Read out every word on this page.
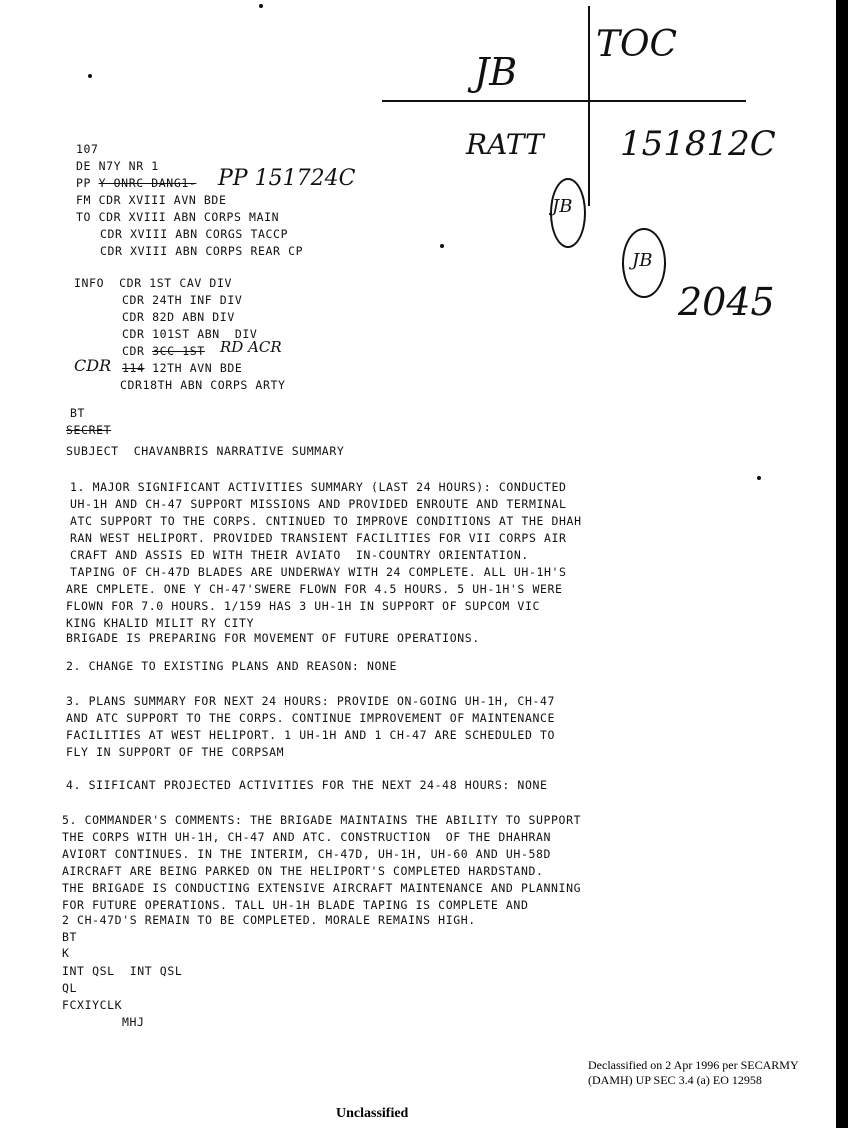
JB
TOC
RATT 151812C
JB
JB
2045
107
DE N7Y NR 1
PP Y ONRC DANG1- PP 151724C
FM CDR XVIII AVN BDE
TO CDR XVIII ABN CORPS MAIN
CDR XVIII ABN CORGS TACCP
CDR XVIII ABN CORPS REAR CP
INFO  CDR 1ST CAV DIV
CDR 24TH INF DIV
CDR 82D ABN DIV
CDR 101ST ABN  DIV
CDR 3CC 1ST RD ACR
CDR 114 12TH AVN BDE
CDR18TH ABN CORPS ARTY
BT
SECRET
SUBJECT  CHAVANBRIS NARRATIVE SUMMARY
1. MAJOR SIGNIFICANT ACTIVITIES SUMMARY (LAST 24 HOURS): CONDUCTED
UH-1H AND CH-47 SUPPORT MISSIONS AND PROVIDED ENROUTE AND TERMINAL
ATC SUPPORT TO THE CORPS. CNTINUED TO IMPROVE CONDITIONS AT THE DHAH
RAN WEST HELIPORT. PROVIDED TRANSIENT FACILITIES FOR VII CORPS AIR
CRAFT AND ASSIS ED WITH THEIR AVIATO  IN-COUNTRY ORIENTATION.
TAPING OF CH-47D BLADES ARE UNDERWAY WITH 24 COMPLETE. ALL UH-1H'S
ARE CMPLETE. ONE Y CH-47'SWERE FLOWN FOR 4.5 HOURS. 5 UH-1H'S WERE
FLOWN FOR 7.0 HOURS. 1/159 HAS 3 UH-1H IN SUPPORT OF SUPCOM VIC
KING KHALID MILIT RY CITY
BRIGADE IS PREPARING FOR MOVEMENT OF FUTURE OPERATIONS.
2. CHANGE TO EXISTING PLANS AND REASON: NONE
3. PLANS SUMMARY FOR NEXT 24 HOURS: PROVIDE ON-GOING UH-1H, CH-47
AND ATC SUPPORT TO THE CORPS. CONTINUE IMPROVEMENT OF MAINTENANCE
FACILITIES AT WEST HELIPORT. 1 UH-1H AND 1 CH-47 ARE SCHEDULED TO
FLY IN SUPPORT OF THE CORPSAM
4. SIIFICANT PROJECTED ACTIVITIES FOR THE NEXT 24-48 HOURS: NONE
5. COMMANDER'S COMMENTS: THE BRIGADE MAINTAINS THE ABILITY TO SUPPORT
THE CORPS WITH UH-1H, CH-47 AND ATC. CONSTRUCTION  OF THE DHAHRAN
AVIORT CONTINUES. IN THE INTERIM, CH-47D, UH-1H, UH-60 AND UH-58D
AIRCRAFT ARE BEING PARKED ON THE HELIPORT'S COMPLETED HARDSTAND.
THE BRIGADE IS CONDUCTING EXTENSIVE AIRCRAFT MAINTENANCE AND PLANNING
FOR FUTURE OPERATIONS. TALL UH-1H BLADE TAPING IS COMPLETE AND
2 CH-47D'S REMAIN TO BE COMPLETED. MORALE REMAINS HIGH.
BT
K
INT QSL  INT QSL
QL
FCXIYCLK
MHJ
Declassified on 2 Apr 1996 per SECARMY
(DAMH) UP SEC 3.4 (a) EO 12958
Unclassified
